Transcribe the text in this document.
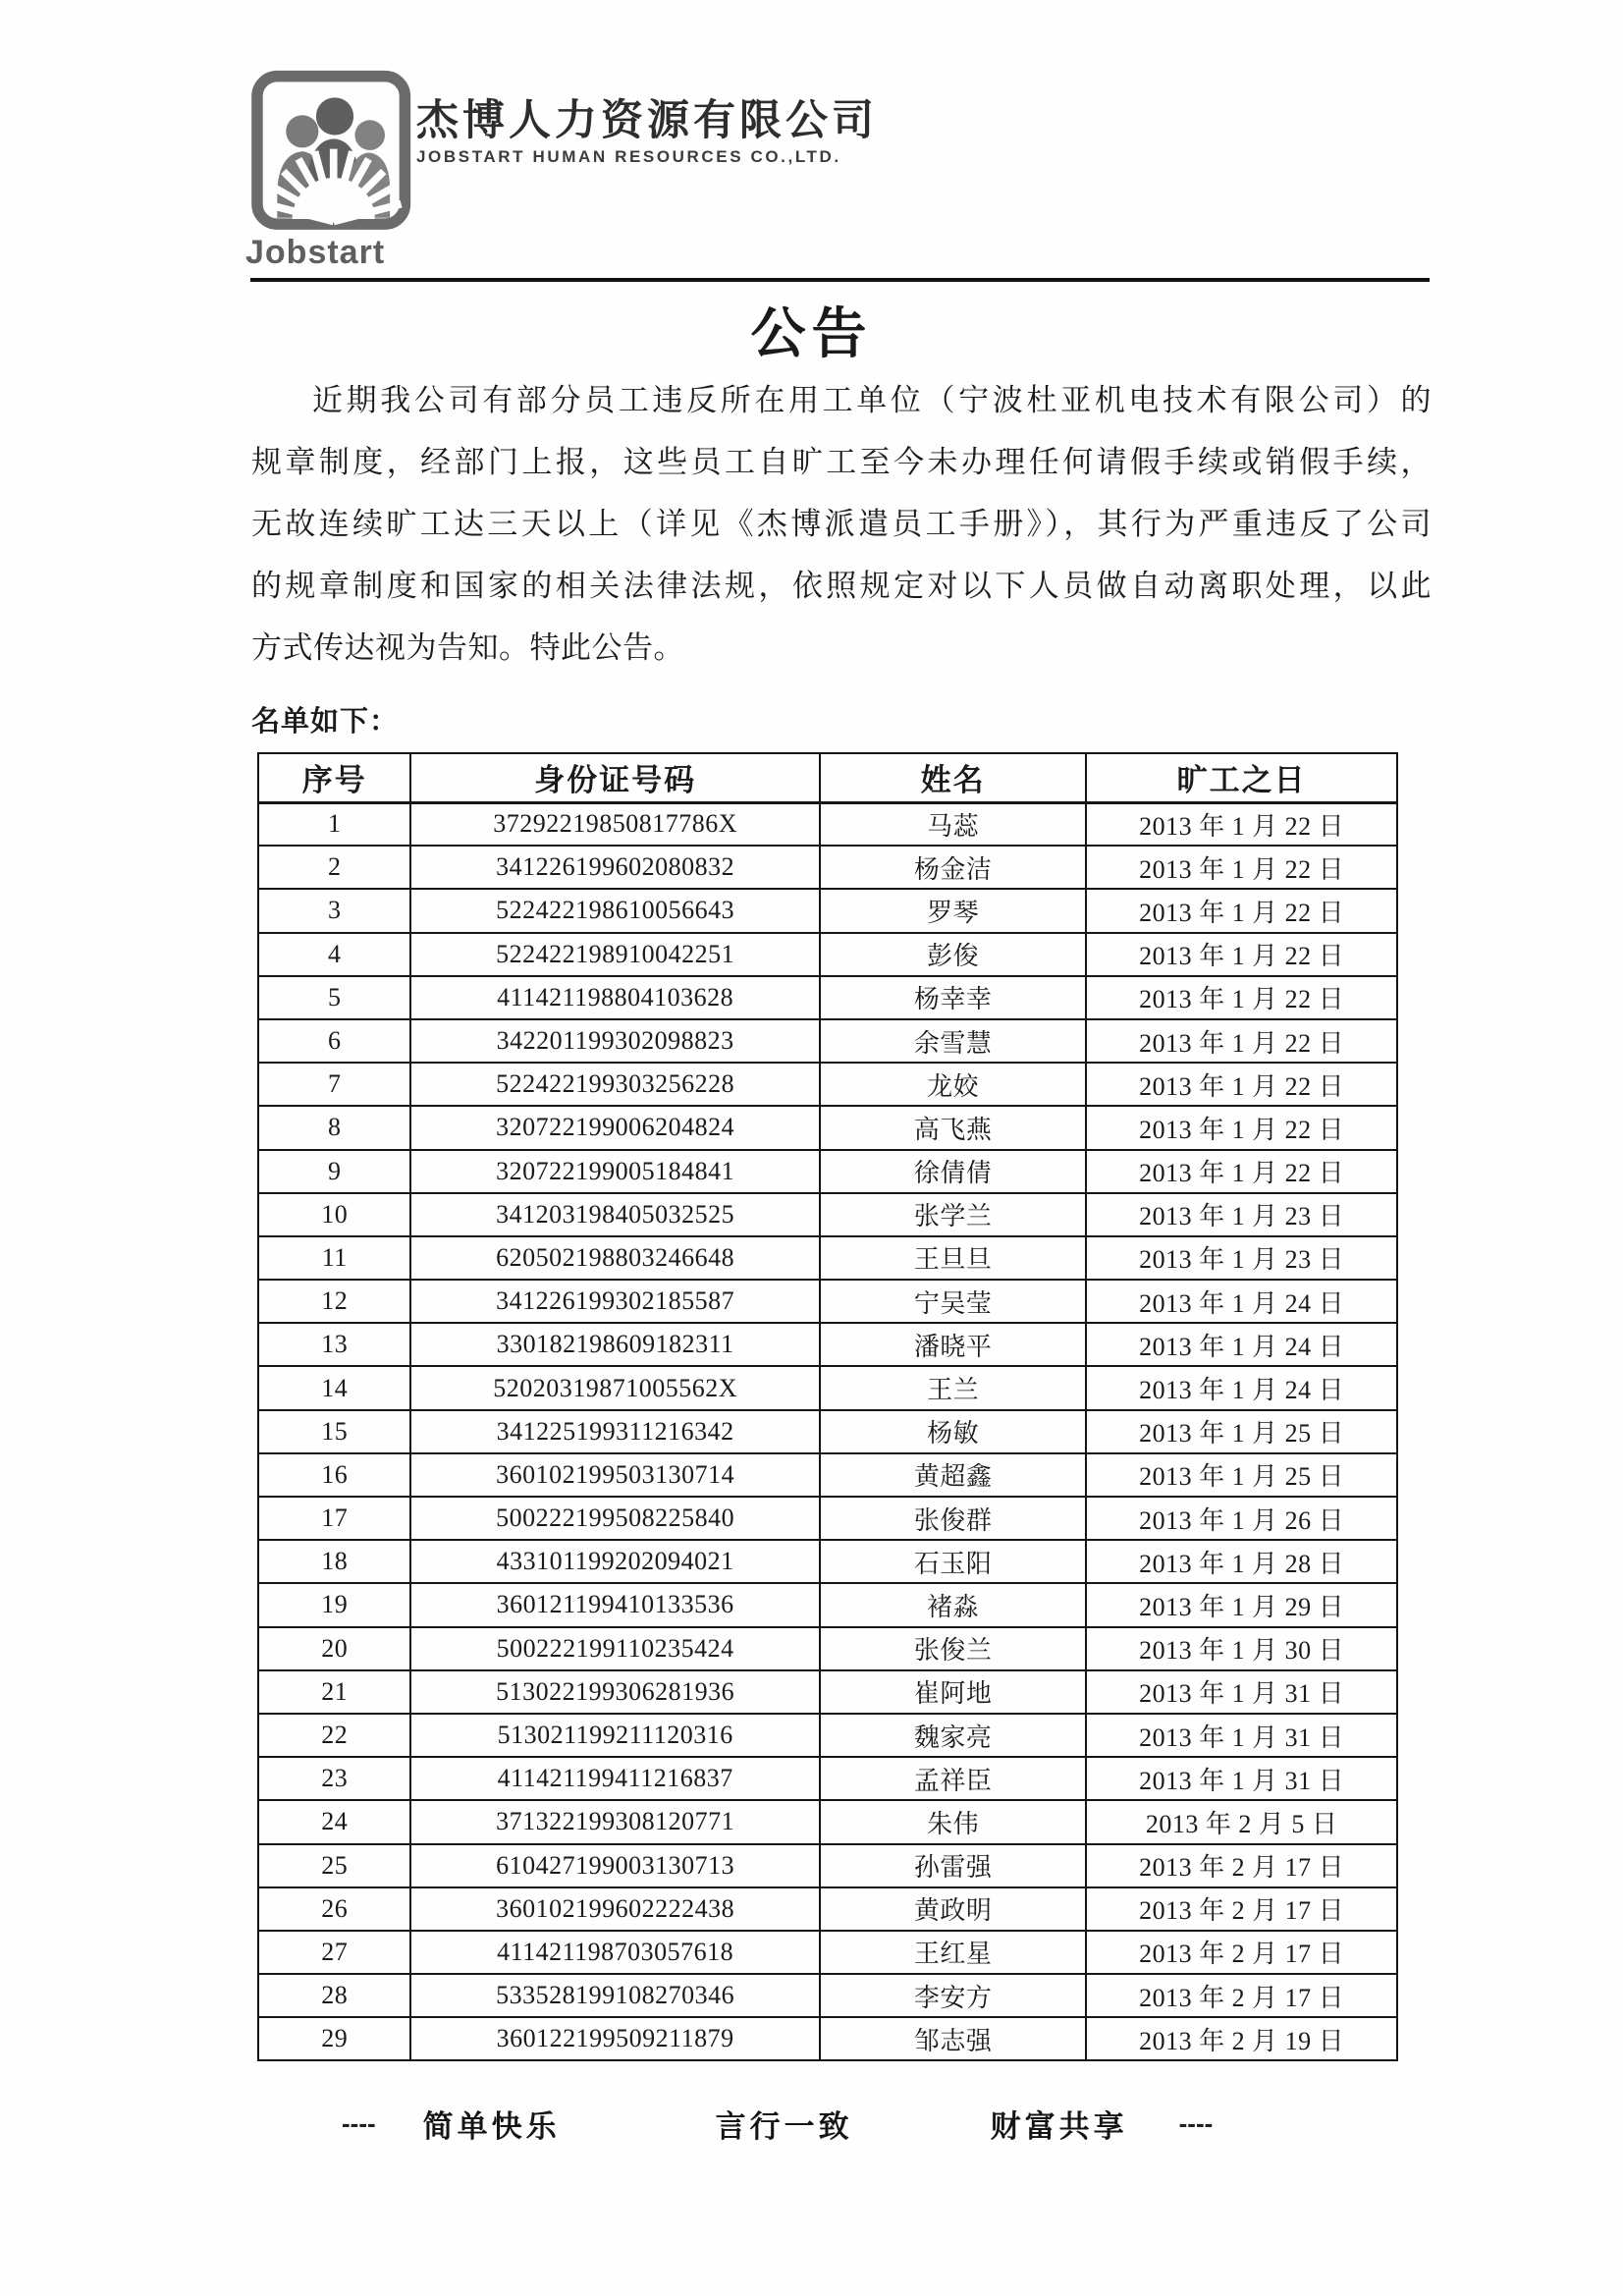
Jobstart
杰博人力资源有限公司
JOBSTART HUMAN RESOURCES CO.,LTD.
公告
近期我公司有部分员工违反所在用工单位（宁波杜亚机电技术有限公司）的
规章制度，经部门上报，这些员工自旷工至今未办理任何请假手续或销假手续，
无故连续旷工达三天以上（详见《杰博派遣员工手册》），其行为严重违反了公司
的规章制度和国家的相关法律法规，依照规定对以下人员做自动离职处理，以此
方式传达视为告知。特此公告。
名单如下：
序号	身份证号码	姓名	旷工之日
1	37292219850817786X	马蕊	2013 年 1 月 22 日
2	341226199602080832	杨金洁	2013 年 1 月 22 日
3	522422198610056643	罗琴	2013 年 1 月 22 日
4	522422198910042251	彭俊	2013 年 1 月 22 日
5	411421198804103628	杨幸幸	2013 年 1 月 22 日
6	342201199302098823	余雪慧	2013 年 1 月 22 日
7	522422199303256228	龙姣	2013 年 1 月 22 日
8	320722199006204824	高飞燕	2013 年 1 月 22 日
9	320722199005184841	徐倩倩	2013 年 1 月 22 日
10	341203198405032525	张学兰	2013 年 1 月 23 日
11	620502198803246648	王旦旦	2013 年 1 月 23 日
12	341226199302185587	宁吴莹	2013 年 1 月 24 日
13	330182198609182311	潘晓平	2013 年 1 月 24 日
14	52020319871005562X	王兰	2013 年 1 月 24 日
15	341225199311216342	杨敏	2013 年 1 月 25 日
16	360102199503130714	黄超鑫	2013 年 1 月 25 日
17	500222199508225840	张俊群	2013 年 1 月 26 日
18	433101199202094021	石玉阳	2013 年 1 月 28 日
19	360121199410133536	褚淼	2013 年 1 月 29 日
20	500222199110235424	张俊兰	2013 年 1 月 30 日
21	513022199306281936	崔阿地	2013 年 1 月 31 日
22	513021199211120316	魏家亮	2013 年 1 月 31 日
23	411421199411216837	孟祥臣	2013 年 1 月 31 日
24	371322199308120771	朱伟	2013 年 2 月 5 日
25	610427199003130713	孙雷强	2013 年 2 月 17 日
26	360102199602222438	黄政明	2013 年 2 月 17 日
27	411421198703057618	王红星	2013 年 2 月 17 日
28	533528199108270346	李安方	2013 年 2 月 17 日
29	360122199509211879	邹志强	2013 年 2 月 19 日
---- 简单快乐	言行一致	财富共享 ----
